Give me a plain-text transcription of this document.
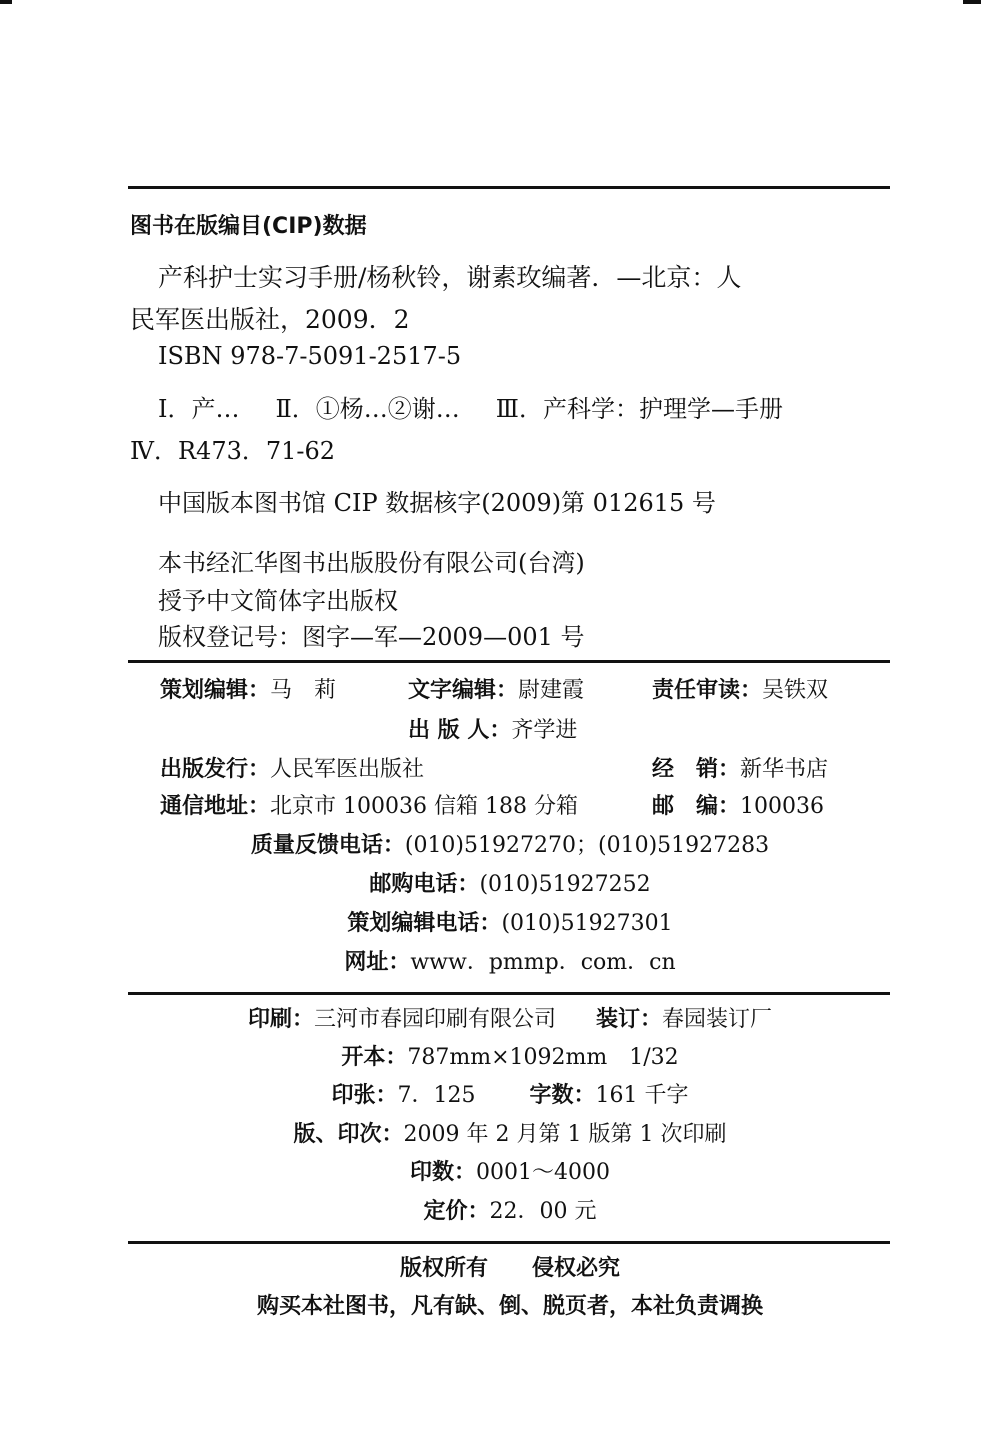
图书在版编目(CIP)数据
产科护士实习手册/杨秋铃，谢素玫编著．—北京：人
民军医出版社，2009．2
ISBN 978-7-5091-2517-5
Ⅰ．产… Ⅱ．①杨…②谢… Ⅲ．产科学：护理学—手册
Ⅳ．R473．71-62
中国版本图书馆 CIP 数据核字(2009)第 012615 号
本书经汇华图书出版股份有限公司(台湾)
授予中文简体字出版权
版权登记号：图字—军—2009—001 号
策划编辑：马　莉	文字编辑：尉建霞	责任审读：吴铁双
出 版 人：齐学进
出版发行：人民军医出版社	经　销：新华书店
通信地址：北京市 100036 信箱 188 分箱	邮　编：100036
质量反馈电话：(010)51927270；(010)51927283
邮购电话：(010)51927252
策划编辑电话：(010)51927301
网址：www．pmmp．com．cn
印刷：三河市春园印刷有限公司 装订：春园装订厂
开本：787mm×1092mm　1/32
印张：7．125 字数：161 千字
版、印次：2009 年 2 月第 1 版第 1 次印刷
印数：0001～4000
定价：22．00 元
版权所有 侵权必究
购买本社图书，凡有缺、倒、脱页者，本社负责调换
